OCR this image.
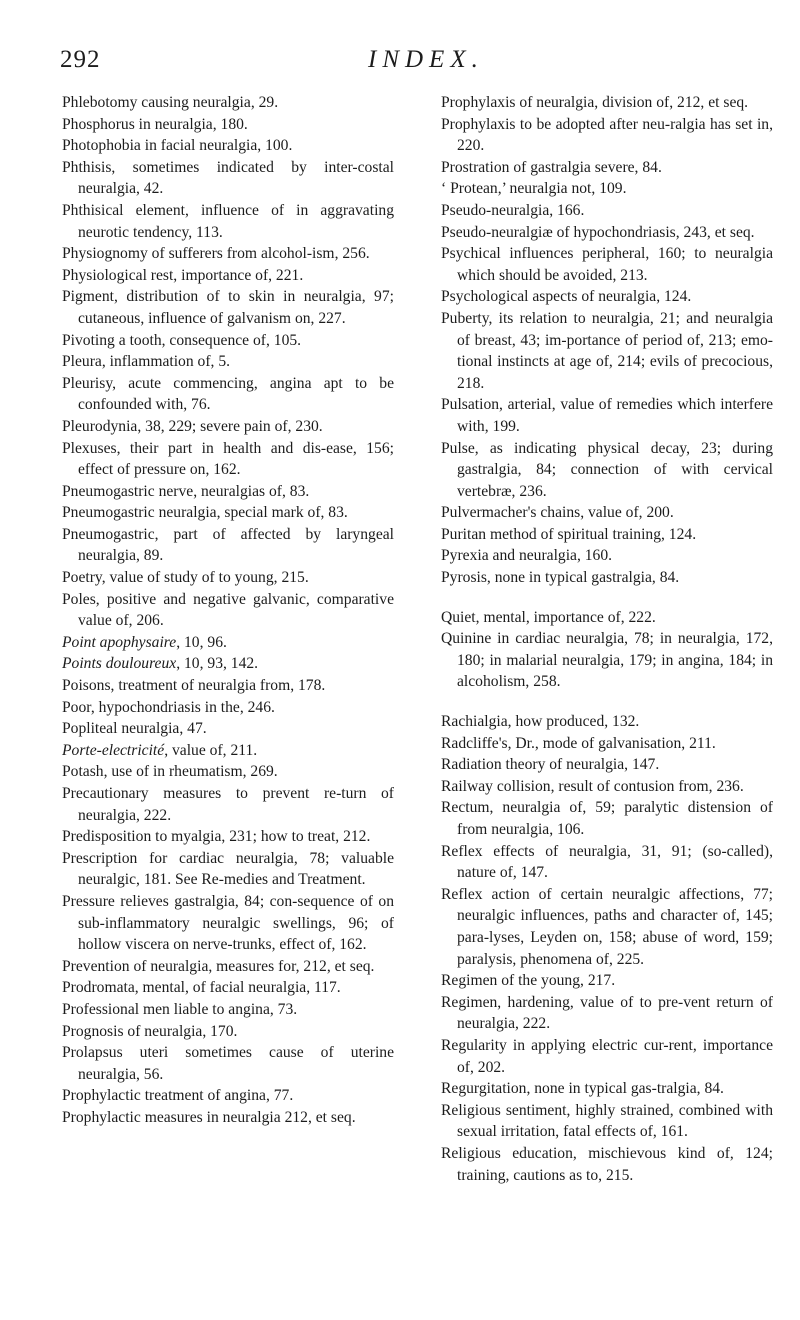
292	INDEX.

Phlebotomy causing neuralgia, 29.

Phosphorus in neuralgia, 180.

Photophobia in facial neuralgia, 100.

Phthisis, sometimes indicated by inter-costal neuralgia, 42.

Phthisical element, influence of in aggravating neurotic tendency, 113.

Physiognomy of sufferers from alcohol-ism, 256.

Physiological rest, importance of, 221.

Pigment, distribution of to skin in neuralgia, 97; cutaneous, influence of galvanism on, 227.

Pivoting a tooth, consequence of, 105.

Pleura, inflammation of, 5.

Pleurisy, acute commencing, angina apt to be confounded with, 76.

Pleurodynia, 38, 229; severe pain of, 230.

Plexuses, their part in health and dis-ease, 156; effect of pressure on, 162.

Pneumogastric nerve, neuralgias of, 83.

Pneumogastric neuralgia, special mark of, 83.

Pneumogastric, part of affected by laryngeal neuralgia, 89.

Poetry, value of study of to young, 215.

Poles, positive and negative galvanic, comparative value of, 206.

Point apophysaire, 10, 96.

Points douloureux, 10, 93, 142.

Poisons, treatment of neuralgia from, 178.

Poor, hypochondriasis in the, 246.

Popliteal neuralgia, 47.

Porte-electricité, value of, 211.

Potash, use of in rheumatism, 269.

Precautionary measures to prevent re-turn of neuralgia, 222.

Predisposition to myalgia, 231; how to treat, 212.

Prescription for cardiac neuralgia, 78; valuable neuralgic, 181. See Re-medies and Treatment.

Pressure relieves gastralgia, 84; con-sequence of on sub-inflammatory neuralgic swellings, 96; of hollow viscera on nerve-trunks, effect of, 162.

Prevention of neuralgia, measures for, 212, et seq.

Prodromata, mental, of facial neuralgia, 117.

Professional men liable to angina, 73.

Prognosis of neuralgia, 170.

Prolapsus uteri sometimes cause of uterine neuralgia, 56.

Prophylactic treatment of angina, 77.

Prophylactic measures in neuralgia 212, et seq.

Prophylaxis of neuralgia, division of, 212, et seq.

Prophylaxis to be adopted after neu-ralgia has set in, 220.

Prostration of gastralgia severe, 84.

‘ Protean,’ neuralgia not, 109.

Pseudo-neuralgia, 166.

Pseudo-neuralgiæ of hypochondriasis, 243, et seq.

Psychical influences peripheral, 160; to neuralgia which should be avoided, 213.

Psychological aspects of neuralgia, 124.

Puberty, its relation to neuralgia, 21; and neuralgia of breast, 43; im-portance of period of, 213; emo-tional instincts at age of, 214; evils of precocious, 218.

Pulsation, arterial, value of remedies which interfere with, 199.

Pulse, as indicating physical decay, 23; during gastralgia, 84; connection of with cervical vertebræ, 236.

Pulvermacher's chains, value of, 200.

Puritan method of spiritual training, 124.

Pyrexia and neuralgia, 160.

Pyrosis, none in typical gastralgia, 84.

Quiet, mental, importance of, 222.

Quinine in cardiac neuralgia, 78; in neuralgia, 172, 180; in malarial neuralgia, 179; in angina, 184; in alcoholism, 258.

Rachialgia, how produced, 132.

Radcliffe's, Dr., mode of galvanisation, 211.

Radiation theory of neuralgia, 147.

Railway collision, result of contusion from, 236.

Rectum, neuralgia of, 59; paralytic distension of from neuralgia, 106.

Reflex effects of neuralgia, 31, 91; (so-called), nature of, 147.

Reflex action of certain neuralgic affections, 77; neuralgic influences, paths and character of, 145; para-lyses, Leyden on, 158; abuse of word, 159; paralysis, phenomena of, 225.

Regimen of the young, 217.

Regimen, hardening, value of to pre-vent return of neuralgia, 222.

Regularity in applying electric cur-rent, importance of, 202.

Regurgitation, none in typical gas-tralgia, 84.

Religious sentiment, highly strained, combined with sexual irritation, fatal effects of, 161.

Religious education, mischievous kind of, 124; training, cautions as to, 215.
